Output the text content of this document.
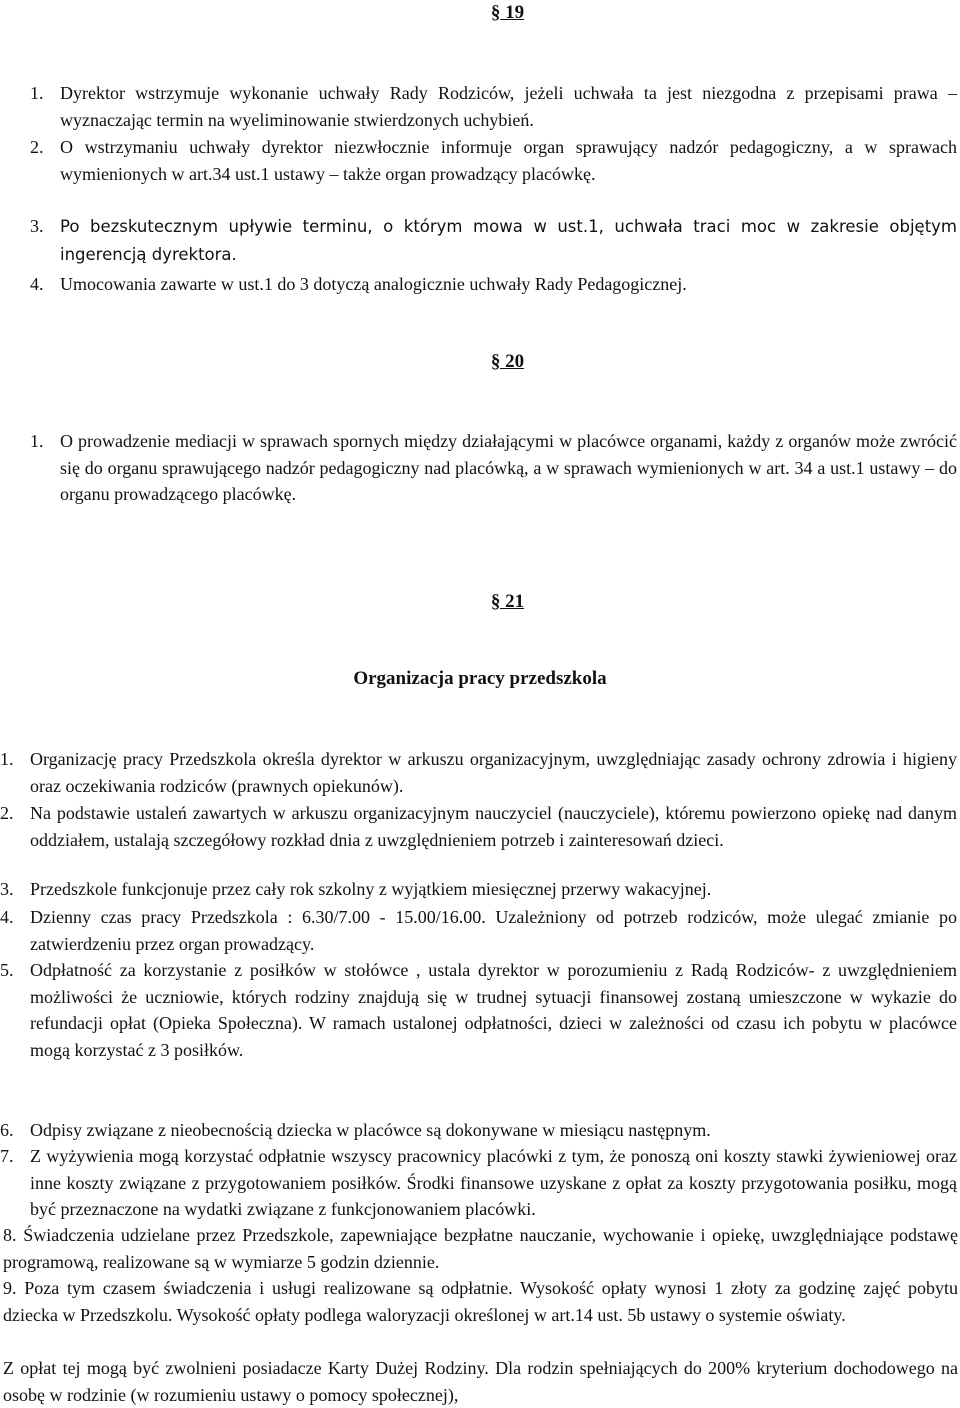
§ 19
1. Dyrektor wstrzymuje wykonanie uchwały Rady Rodziców, jeżeli uchwała ta jest niezgodna z przepisami prawa – wyznaczając termin na wyeliminowanie stwierdzonych uchybień.
2. O wstrzymaniu uchwały dyrektor niezwłocznie informuje organ sprawujący nadzór pedagogiczny, a w sprawach wymienionych w art.34 ust.1 ustawy – także organ prowadzący placówkę.
3. Po bezskutecznym upływie terminu, o którym mowa w ust.1, uchwała traci moc w zakresie objętym ingerencją dyrektora.
4. Umocowania zawarte w ust.1 do 3 dotyczą analogicznie uchwały Rady Pedagogicznej.
§ 20
1. O prowadzenie mediacji w sprawach spornych między działającymi w placówce organami, każdy z organów może zwrócić się do organu sprawującego nadzór pedagogiczny nad placówką, a w sprawach wymienionych w art. 34 a ust.1 ustawy – do organu prowadzącego placówkę.
§ 21
Organizacja pracy przedszkola
1. Organizację pracy Przedszkola określa dyrektor w arkuszu organizacyjnym, uwzględniając zasady ochrony zdrowia i higieny oraz oczekiwania rodziców (prawnych opiekunów).
2. Na podstawie ustaleń zawartych w arkuszu organizacyjnym nauczyciel (nauczyciele), któremu powierzono opiekę nad danym oddziałem, ustalają szczegółowy rozkład dnia z uwzględnieniem potrzeb i zainteresowań dzieci.
3. Przedszkole funkcjonuje przez cały rok szkolny z wyjątkiem miesięcznej przerwy wakacyjnej.
4. Dzienny czas pracy Przedszkola : 6.30/7.00 - 15.00/16.00. Uzależniony od potrzeb rodziców, może ulegać zmianie po zatwierdzeniu przez organ prowadzący.
5. Odpłatność za korzystanie z posiłków w stołówce , ustala dyrektor w porozumieniu z Radą Rodziców- z uwzględnieniem możliwości że uczniowie, których rodziny znajdują się w trudnej sytuacji finansowej zostaną umieszczone w wykazie do refundacji opłat (Opieka Społeczna). W ramach ustalonej odpłatności, dzieci w zależności od czasu ich pobytu w placówce mogą korzystać z 3 posiłków.
6. Odpisy związane z nieobecnością dziecka w placówce są dokonywane w miesiącu następnym.
7. Z wyżywienia mogą korzystać odpłatnie wszyscy pracownicy placówki z tym, że ponoszą oni koszty stawki żywieniowej oraz inne koszty związane z przygotowaniem posiłków. Środki finansowe uzyskane z opłat za koszty przygotowania posiłku, mogą być przeznaczone na wydatki związane z funkcjonowaniem placówki.
8. Świadczenia udzielane przez Przedszkole, zapewniające bezpłatne nauczanie, wychowanie i opiekę, uwzględniające podstawę programową, realizowane są w wymiarze 5 godzin dziennie.
9. Poza tym czasem świadczenia i usługi realizowane są odpłatnie. Wysokość opłaty wynosi 1 złoty za godzinę zajęć pobytu dziecka w Przedszkolu. Wysokość opłaty podlega waloryzacji określonej w art.14 ust. 5b ustawy o systemie oświaty.
Z opłat tej mogą być zwolnieni posiadacze Karty Dużej Rodziny. Dla rodzin spełniających do 200% kryterium dochodowego na osobę w rodzinie (w rozumieniu ustawy o pomocy społecznej),
